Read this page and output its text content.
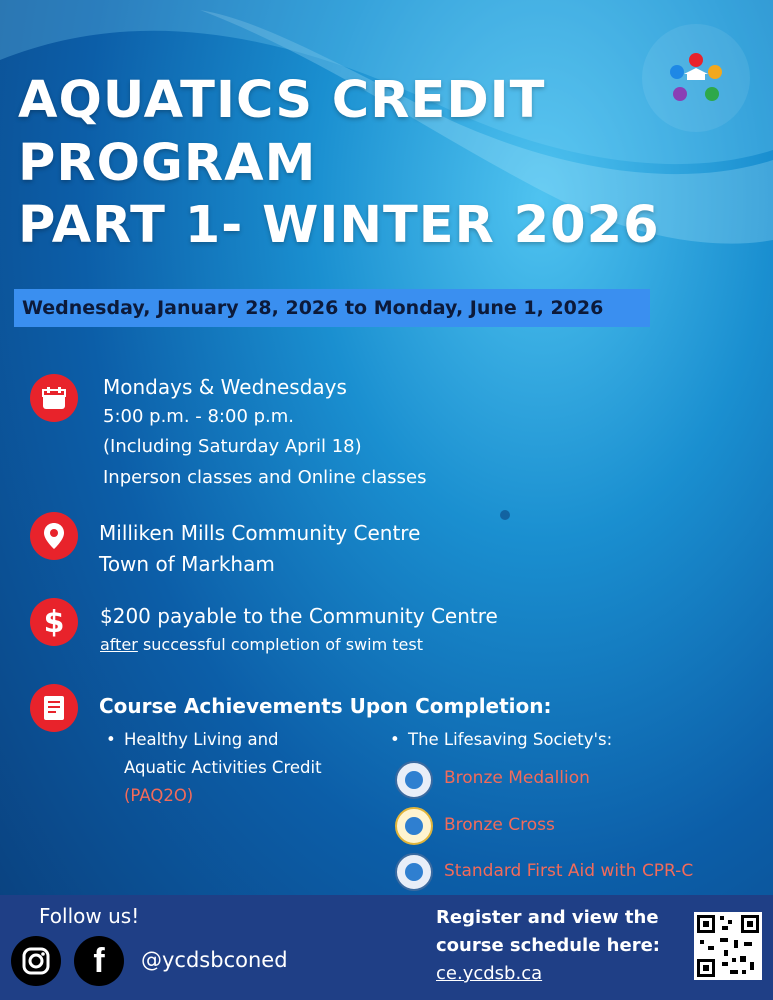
AQUATICS CREDIT
PROGRAM
PART 1- WINTER 2026
Wednesday, January 28, 2026 to Monday, June 1, 2026
Mondays & Wednesdays
5:00 p.m. - 8:00 p.m.
(Including Saturday April 18)
Inperson classes and Online classes
Milliken Mills Community Centre
Town of Markham
$ $200 payable to the Community Centre
after successful completion of swim test
Course Achievements Upon Completion:
• Healthy Living and
Aquatic Activities Credit
(PAQ2O)
• The Lifesaving Society's:
Bronze Medallion
Bronze Cross
Standard First Aid with CPR-C
Follow us!
f @ycdsbconed
Register and view the
course schedule here:
ce.ycdsb.ca
